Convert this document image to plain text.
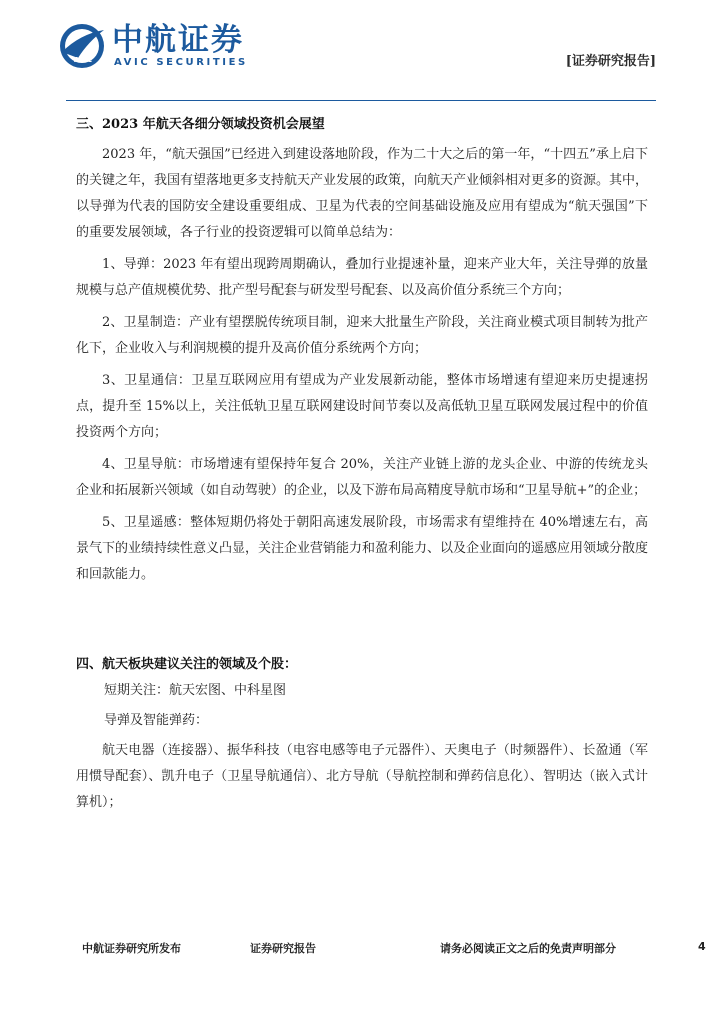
AVIC
中航证券
AVIC SECURITIES	[证券研究报告]
三、2023 年航天各细分领域投资机会展望

2023 年，“航天强国”已经进入到建设落地阶段，作为二十大之后的第一年，“十四五”承上启下的关键之年，我国有望落地更多支持航天产业发展的政策，向航天产业倾斜相对更多的资源。其中，以导弹为代表的国防安全建设重要组成、卫星为代表的空间基础设施及应用有望成为“航天强国”下的重要发展领域，各子行业的投资逻辑可以简单总结为：

1、导弹：2023 年有望出现跨周期确认，叠加行业提速补量，迎来产业大年，关注导弹的放量规模与总产值规模优势、批产型号配套与研发型号配套、以及高价值分系统三个方向；

2、卫星制造：产业有望摆脱传统项目制，迎来大批量生产阶段，关注商业模式项目制转为批产化下，企业收入与利润规模的提升及高价值分系统两个方向；

3、卫星通信：卫星互联网应用有望成为产业发展新动能，整体市场增速有望迎来历史提速拐点，提升至 15%以上，关注低轨卫星互联网建设时间节奏以及高低轨卫星互联网发展过程中的价值投资两个方向；

4、卫星导航：市场增速有望保持年复合 20%，关注产业链上游的龙头企业、中游的传统龙头企业和拓展新兴领域（如自动驾驶）的企业，以及下游布局高精度导航市场和“卫星导航+”的企业；

5、卫星遥感：整体短期仍将处于朝阳高速发展阶段，市场需求有望维持在 40%增速左右，高景气下的业绩持续性意义凸显，关注企业营销能力和盈利能力、以及企业面向的遥感应用领域分散度和回款能力。

四、航天板块建议关注的领域及个股：
短期关注：航天宏图、中科星图
导弹及智能弹药：

航天电器（连接器）、振华科技（电容电感等电子元器件）、天奥电子（时频器件）、长盈通（军用惯导配套）、凯升电子（卫星导航通信）、北方导航（导航控制和弹药信息化）、智明达（嵌入式计算机）；

中航证券研究所发布	证券研究报告	请务必阅读正文之后的免责声明部分	4
